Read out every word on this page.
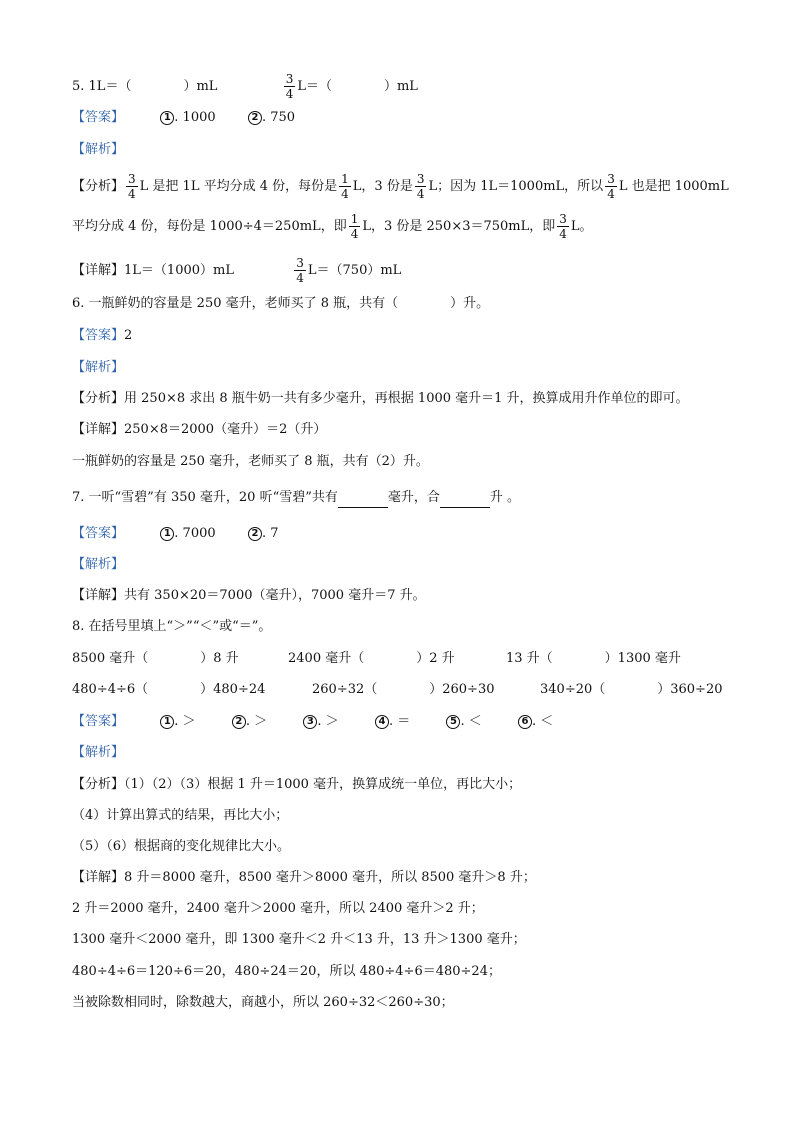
5. 1L＝（　　　　）mL	$\frac{3}{4} L=$（　　　　）mL
【答案】	1 . 1000	2 . 750
【解析】
【分析】 $\frac{3}{4}$ L 是把 1L 平均分成 4 份，每份是 $\frac{1}{4}$ L，3 份是 $\frac{3}{4}$ L；因为 1L＝1000mL，所以 $\frac{3}{4}$ L 也是把 1000mL
平均分成 4 份，每份是 1000÷4＝250mL，即 $\frac{1}{4}$ L，3 份是 250×3＝750mL，即 $\frac{3}{4}$ L。
【详解】1L＝（1000）mL	$\frac{3}{4} L=(750)mL$
6. 一瓶鲜奶的容量是 250 毫升，老师买了 8 瓶，共有（　　　　）升。
【答案】2
【解析】
【分析】用 250×8 求出 8 瓶牛奶一共有多少毫升，再根据 1000 毫升＝1 升，换算成用升作单位的即可。
【详解】250×8＝2000（毫升）＝2（升）
一瓶鲜奶的容量是 250 毫升，老师买了 8 瓶，共有（2）升。
7. 一听“雪碧”有 350 毫升，20 听“雪碧”共有	毫升，合	升 。
【答案】	1 . 7000	2 . 7
【解析】
【详解】共有 350×20＝7000（毫升），7000 毫升＝7 升。
8. 在括号里填上“＞”“＜”或“＝”。
8500 毫升（　　　　）8 升	2400 毫升（　　　　）2 升	13 升（　　　　）1300 毫升
480÷4÷6（　　　　）480÷24	260÷32（　　　　）260÷30	340÷20（　　　　）360÷20
【答案】	1 . ＞	2 . ＞	3 . ＞	4 . ＝	5 . ＜	6 . ＜
【解析】
【分析】（1）（2）（3）根据 1 升＝1000 毫升，换算成统一单位，再比大小；
（4）计算出算式的结果，再比大小；
（5）（6）根据商的变化规律比大小。
【详解】8 升＝8000 毫升，8500 毫升＞8000 毫升，所以 8500 毫升＞8 升；
2 升＝2000 毫升，2400 毫升＞2000 毫升，所以 2400 毫升＞2 升；
1300 毫升＜2000 毫升，即 1300 毫升＜2 升＜13 升，13 升＞1300 毫升；
480÷4÷6＝120÷6＝20，480÷24＝20，所以 480÷4÷6＝480÷24；
当被除数相同时，除数越大，商越小，所以 260÷32＜260÷30；
